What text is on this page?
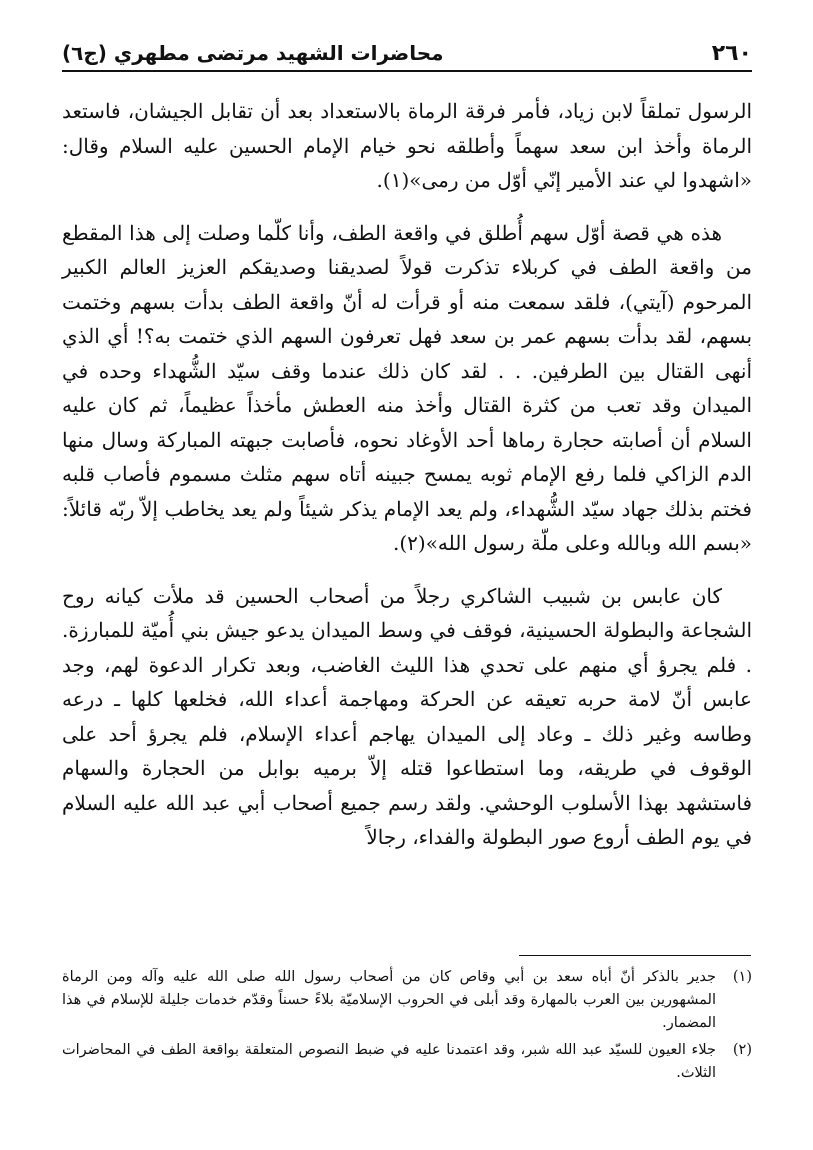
٢٦٠
محاضرات الشهيد مرتضى مطهري (ج٦)

الرسول تملقاً لابن زياد، فأمر فرقة الرماة بالاستعداد بعد أن تقابل الجيشان، فاستعد الرماة وأخذ ابن سعد سهماً وأطلقه نحو خيام الإمام الحسين عليه السلام وقال: «اشهدوا لي عند الأمير إنّي أوّل من رمى»(١).

هذه هي قصة أوّل سهم أُطلق في واقعة الطف، وأنا كلّما وصلت إلى هذا المقطع من واقعة الطف في كربلاء تذكرت قولاً لصديقنا وصديقكم العزيز العالم الكبير المرحوم (آيتي)، فلقد سمعت منه أو قرأت له أنّ واقعة الطف بدأت بسهم وختمت بسهم، لقد بدأت بسهم عمر بن سعد فهل تعرفون السهم الذي ختمت به؟! أي الذي أنهى القتال بين الطرفين. . . لقد كان ذلك عندما وقف سيّد الشُّهداء وحده في الميدان وقد تعب من كثرة القتال وأخذ منه العطش مأخذاً عظيماً، ثم كان عليه السلام أن أصابته حجارة رماها أحد الأوغاد نحوه، فأصابت جبهته المباركة وسال منها الدم الزاكي فلما رفع الإمام ثوبه يمسح جبينه أتاه سهم مثلث مسموم فأصاب قلبه فختم بذلك جهاد سيّد الشُّهداء، ولم يعد الإمام يذكر شيئاً ولم يعد يخاطب إلاّ ربّه قائلاً: «بسم الله وبالله وعلى ملّة رسول الله»(٢).

كان عابس بن شبيب الشاكري رجلاً من أصحاب الحسين قد ملأت كيانه روح الشجاعة والبطولة الحسينية، فوقف في وسط الميدان يدعو جيش بني أُميّة للمبارزة. . فلم يجرؤ أي منهم على تحدي هذا الليث الغاضب، وبعد تكرار الدعوة لهم، وجد عابس أنّ لامة حربه تعيقه عن الحركة ومهاجمة أعداء الله، فخلعها كلها ـ درعه وطاسه وغير ذلك ـ وعاد إلى الميدان يهاجم أعداء الإسلام، فلم يجرؤ أحد على الوقوف في طريقه، وما استطاعوا قتله إلاّ برميه بوابل من الحجارة والسهام فاستشهد بهذا الأسلوب الوحشي. ولقد رسم جميع أصحاب أبي عبد الله عليه السلام في يوم الطف أروع صور البطولة والفداء، رجالاً

(١)
جدير بالذكر أنّ أباه سعد بن أبي وقاص كان من أصحاب رسول الله صلى الله عليه وآله ومن الرماة المشهورين بين العرب بالمهارة وقد أبلى في الحروب الإسلاميّة بلاءً حسناً وقدّم خدمات جليلة للإسلام في هذا المضمار.
(٢)
جلاء العيون للسيّد عبد الله شبر، وقد اعتمدنا عليه في ضبط النصوص المتعلقة بواقعة الطف في المحاضرات الثلاث.
